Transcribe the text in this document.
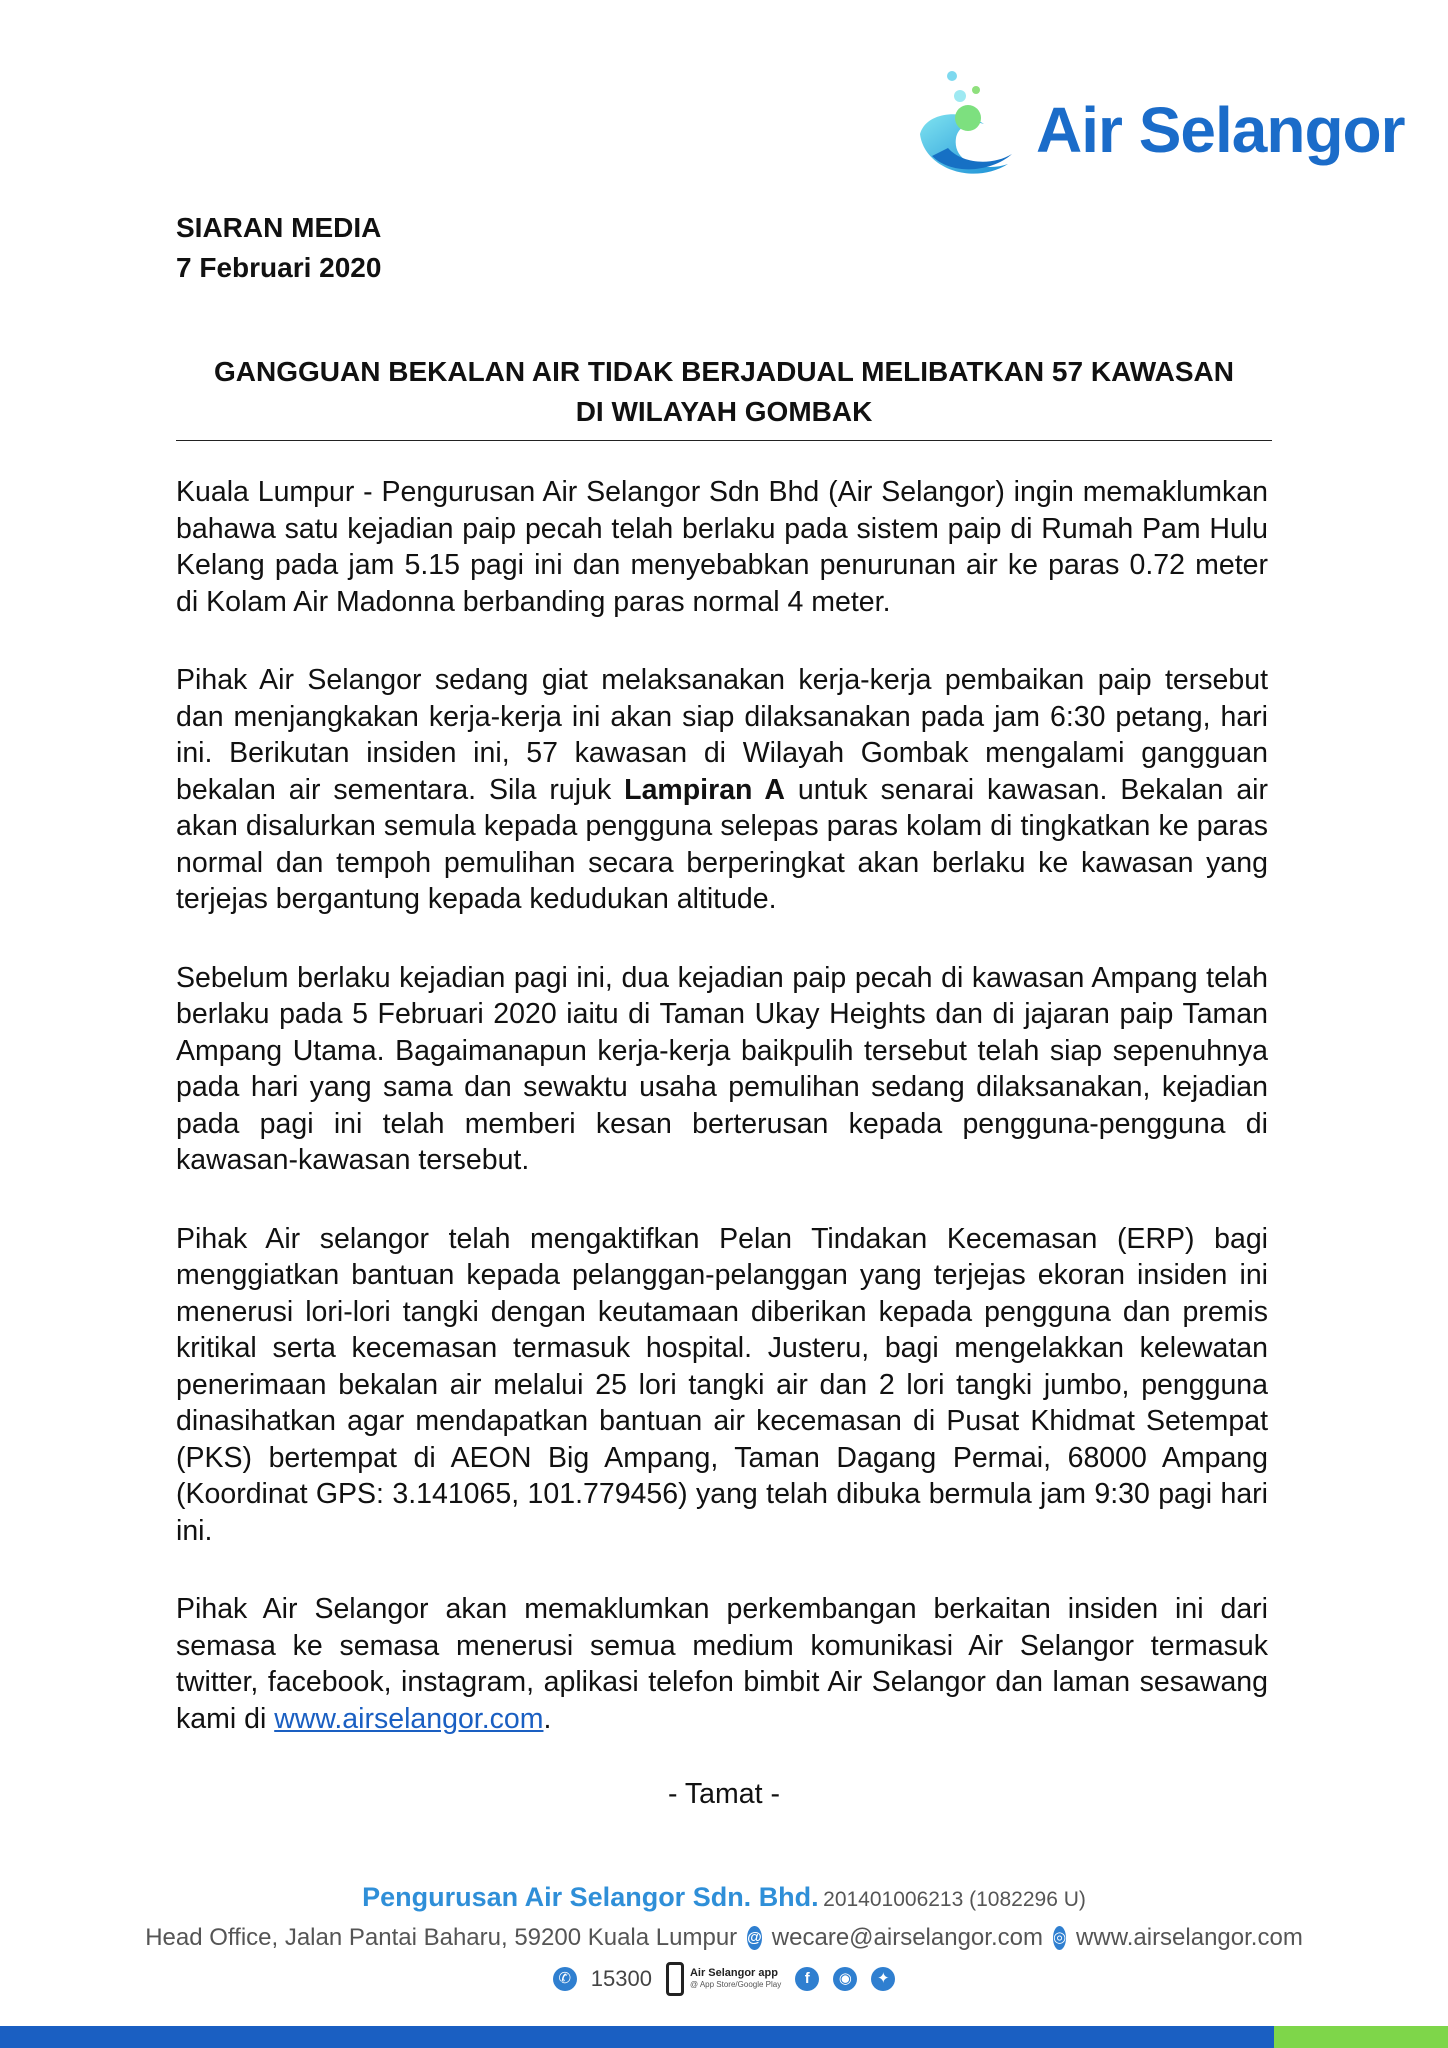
Air Selangor
SIARAN MEDIA
7 Februari 2020
GANGGUAN BEKALAN AIR TIDAK BERJADUAL MELIBATKAN 57 KAWASAN
DI WILAYAH GOMBAK

Kuala Lumpur - Pengurusan Air Selangor Sdn Bhd (Air Selangor) ingin memaklumkan bahawa satu kejadian paip pecah telah berlaku pada sistem paip di Rumah Pam Hulu Kelang pada jam 5.15 pagi ini dan menyebabkan penurunan air ke paras 0.72 meter di Kolam Air Madonna berbanding paras normal 4 meter.

Pihak Air Selangor sedang giat melaksanakan kerja-kerja pembaikan paip tersebut dan menjangkakan kerja-kerja ini akan siap dilaksanakan pada jam 6:30 petang, hari ini. Berikutan insiden ini, 57 kawasan di Wilayah Gombak mengalami gangguan bekalan air sementara. Sila rujuk Lampiran A untuk senarai kawasan. Bekalan air akan disalurkan semula kepada pengguna selepas paras kolam di tingkatkan ke paras normal dan tempoh pemulihan secara berperingkat akan berlaku ke kawasan yang terjejas bergantung kepada kedudukan altitude.

Sebelum berlaku kejadian pagi ini, dua kejadian paip pecah di kawasan Ampang telah berlaku pada 5 Februari 2020 iaitu di Taman Ukay Heights dan di jajaran paip Taman Ampang Utama. Bagaimanapun kerja-kerja baikpulih tersebut telah siap sepenuhnya pada hari yang sama dan sewaktu usaha pemulihan sedang dilaksanakan, kejadian pada pagi ini telah memberi kesan berterusan kepada pengguna-pengguna di kawasan-kawasan tersebut.

Pihak Air selangor telah mengaktifkan Pelan Tindakan Kecemasan (ERP) bagi menggiatkan bantuan kepada pelanggan-pelanggan yang terjejas ekoran insiden ini menerusi lori-lori tangki dengan keutamaan diberikan kepada pengguna dan premis kritikal serta kecemasan termasuk hospital. Justeru, bagi mengelakkan kelewatan penerimaan bekalan air melalui 25 lori tangki air dan 2 lori tangki jumbo, pengguna dinasihatkan agar mendapatkan bantuan air kecemasan di Pusat Khidmat Setempat (PKS) bertempat di AEON Big Ampang, Taman Dagang Permai, 68000 Ampang (Koordinat GPS: 3.141065, 101.779456) yang telah dibuka bermula jam 9:30 pagi hari ini.

Pihak Air Selangor akan memaklumkan perkembangan berkaitan insiden ini dari semasa ke semasa menerusi semua medium komunikasi Air Selangor termasuk twitter, facebook, instagram, aplikasi telefon bimbit Air Selangor dan laman sesawang kami di www.airselangor.com.

- Tamat -
Pengurusan Air Selangor Sdn. Bhd. 201401006213 (1082296 U)
Head Office, Jalan Pantai Baharu, 59200 Kuala Lumpur @ wecare@airselangor.com ◎ www.airselangor.com
✆ 15300	Air Selangor app
@ App Store/Google Play	f	◉	✦
